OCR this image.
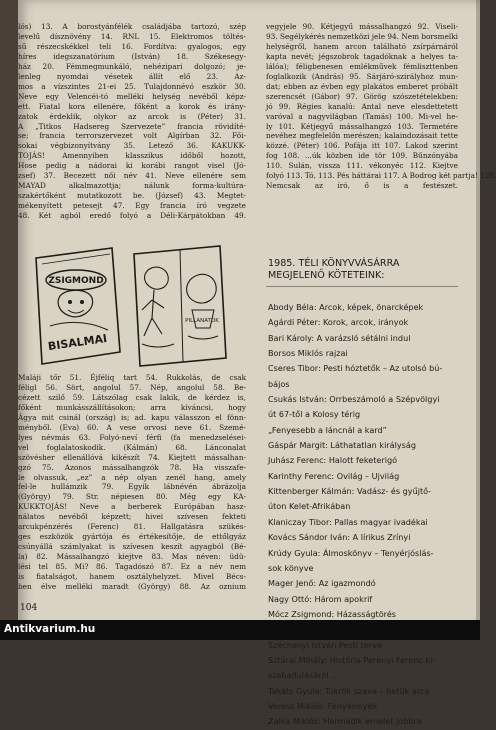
lós) 13. A borostyánfélék családjába tartozó, szép
levelű dísznövény 14. RNL 15. Elektromos töltés-
sű részecskékkel teli 16. Fordítva: gyalogos, egy
híres idegszanatórium (István) 18. Székesegy-
ház 20. Fémmegmunkáló, nehézipari dolgozó; je-
lenleg nyomdai vésetek állít elő 23. Az-
mos a vízszintes 21-ei 25. Tulajdonnévó eszkör 30.
Neve egy Velencéi-tó melléki helység nevéből képz-
ett. Fiatal kora ellenére, főként a korok és irány-
zatok érdeklik, olykor az arcok is (Péter) 31.
A „Titkos Hadsereg Szervezete” francia rövidíté-
se; francia terrorszervezet volt Algírban 32. Fői-
sokai végbizonyítvány 35. Letező 36. KAKUKK-
TOJÁS! Amennyiben klasszikus időből hozott,
Hose pedig a nádorai ki korábi rangot visel (Jó-
zsef) 37. Becezett női név 41. Neve ellenére sem
MAYAD alkalmazottja; nálunk forma-kultúra-
szakértőként mutatkozott be. (József) 43. Megtet-
mékenyített petesejt 47. Egy francia író vegzete
48. Két agból eredő folyó a Déli-Kárpátokban 49.
ZSIGMOND
BISALMAI
PILLANATOK
Maláji tőr 51. Éjféliq tart 54. Rukkolás, de csak
féligl 56. Sört, angolul 57. Nép, angolul 58. Be-
cézett szilő 59. Látszólag csak lakik, de kérdez is,
főként munkásszállításokon; arra kíváncsi, hogy
Ágya mit csinál (ország) is; ad. kapu válasszon el fönn-
ményből. (Eva) 60. A vese orvosi neve 61. Szemé-
lyes névmás 63. Folyó-neví férfi (fa menedzselései-
vel foglalatoskodik. (Kálmán) 68. Lánconalat
szövésher ellenállóvá kikészít 74. Kiejtett mássalhan-
gzó 75. Azonos mássalhangzók 78. Ha visszafe-
le olvassuk, „ez” a nép olyan zenél hang, amely
fel-le hullámzik 79. Egyik lábnévén ábrázolja
(György) 79. Str. népiesen 80. Még egy KA-
KUKKTOJÁS! Neve a berberek Európában hasz-
nálatos nevéből képzett; hivei szívesen fekteti
arcukpénzérés (Ferenc) 81. Hallgatásra szükés-
ges eszközök gyártója és értékesítője, de ettőlgyáz
csúnyállá számlyakat is szívesen keszít agyagból (Bé-
la) 82. Mássalhangzó kiejtve 83. Mas néven: üdü-
lési tel 85. Mi? 86. Tagadószó 87. Ez a név nem
is fiatalságot, hanem osztályhelyzet. Mivel Bécs-
ben élve melléki maradt (György) 88. Az oznium
vegyjele 90. Kétjegyű mássalhangzó 92. Viseli-
93. Segélykérés nemzetközi jele 94. Nem borsmelki
helységről, hanem arcon található zsírpárnáról
kapta nevét; jégszobrok tagadóknak a helyes ta-
lálóa); féligbenesen emlékművek fémliszttenben
foglalkozik (András) 95. Sárjáró-szirályhoz mun-
dat; ebben az évben egy plakátos emberet próbált
szerencsét (Gábor) 97. Görög szószetételekben:
jó 99. Régies kanalú: Antal neve elesdettetett
varóval a nagyvilágban (Tamás) 100. Mi-vel he-
ly 101. Kétjegyű mássalhangzó 103. Termetére
nevéhez megfelelőn merészen; kalaindozásait tette
közzé. (Péter) 106. Pofája itt 107. Lakod szerint
fog 108. ...úk közben ide tör 109. Bűnzónyába
110. Sulán, vissza 111. vékonyéc 112. Kiejtve
folyó 113. Tó, 113. Pés háttárai 117. A Bodrog két partja! 120.
Nemcsak az író, ő is a festészet.
1985. TÉLI KÖNYVVÁSÁRRA
MEGJELENŐ KÖTETEINK:
Abody Béla: Arcok, képek, önarcképek
Agárdi Péter: Korok, arcok, irányok
Bari Károly: A varázsló sétálni indul
Borsos Miklós rajzai
Cseres Tibor: Pesti hóztetők – Az utolsó bú-
bájos
Csukás István: Orrbeszámoló a Szépvölgyi
út 67-től a Kolosy térig
„Fenyesebb a láncnál a kard”
Gáspár Margit: Láthatatlan királyság
Juhász Ferenc: Halott feketerigó
Karinthy Ferenc: Ovilág – Ujvilág
Kittenberger Kálmán: Vadász- és gyűjtő-
úton Kelet-Afrikában
Klaniczay Tibor: Pallas magyar ivadékai
Kovács Sándor Iván: A lírikus Zrínyi
Krúdy Gyula: Álmoskönyv – Tenyérjóslás-
sok könyve
Mager Jenő: Az igazmondó
Nagy Ottó: Három apokrif
Mócz Zsigmond: Házasságtörés
Széchenyi István Pesti terve
Sztárai Mihály: História Perényi Ferenc ki-
szabadulásáról ...
Takáts Gyula: Tükrök szava – betűk arca
Veress Miklós: Fényármyék
Zalka Miklós: Harmadik emelet jobbra
104
Antikvarium.hu
